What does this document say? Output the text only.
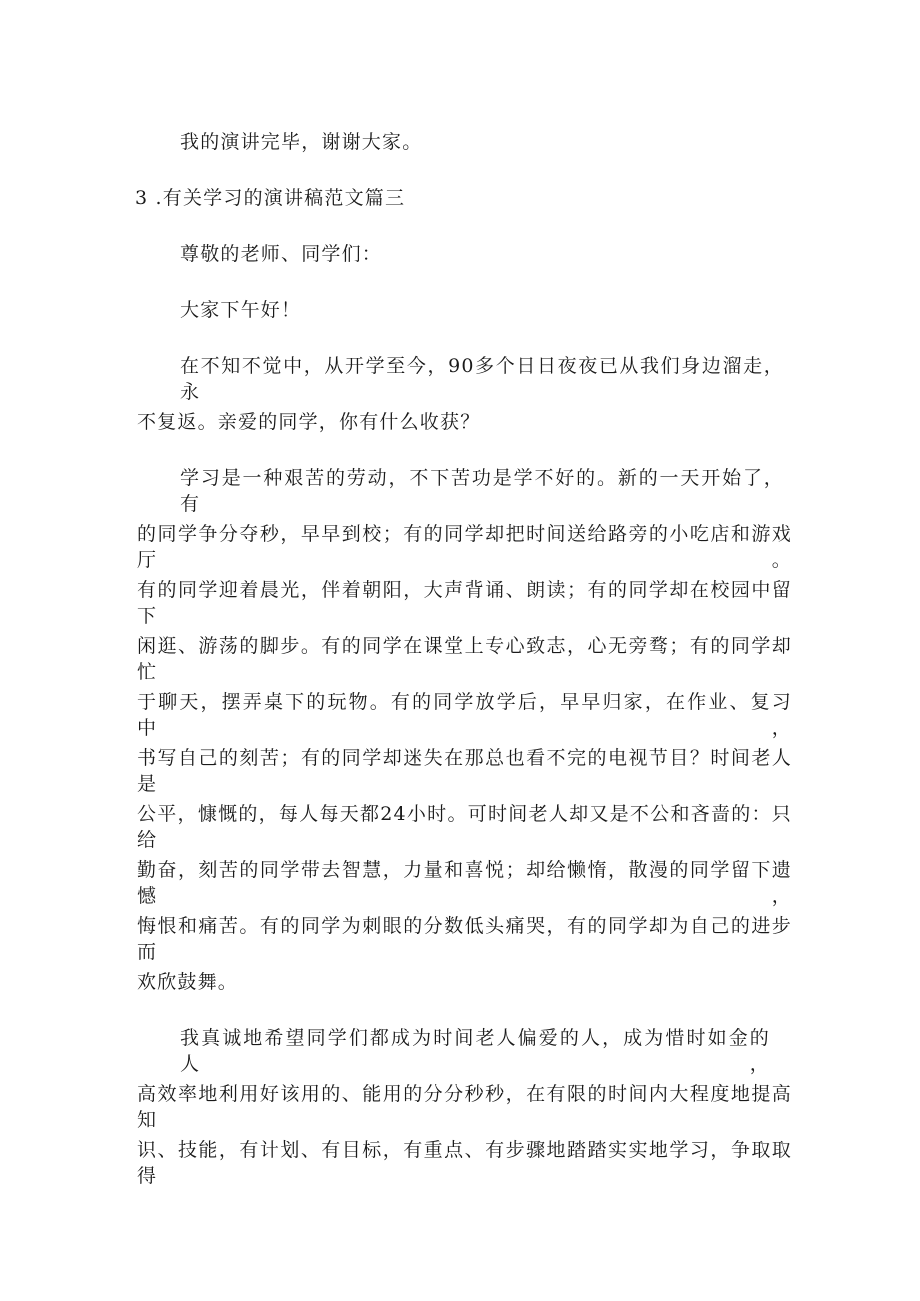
我的演讲完毕，谢谢大家。
3 .有关学习的演讲稿范文篇三
尊敬的老师、同学们：
大家下午好！
在不知不觉中，从开学至今，90多个日日夜夜已从我们身边溜走，永
不复返。亲爱的同学，你有什么收获？
学习是一种艰苦的劳动，不下苦功是学不好的。新的一天开始了，有
的同学争分夺秒，早早到校；有的同学却把时间送给路旁的小吃店和游戏厅。
有的同学迎着晨光，伴着朝阳，大声背诵、朗读；有的同学却在校园中留下
闲逛、游荡的脚步。有的同学在课堂上专心致志，心无旁骛；有的同学却忙
于聊天，摆弄桌下的玩物。有的同学放学后，早早归家，在作业、复习中，
书写自己的刻苦；有的同学却迷失在那总也看不完的电视节目？时间老人是
公平，慷慨的，每人每天都24小时。可时间老人却又是不公和吝啬的：只给
勤奋，刻苦的同学带去智慧，力量和喜悦；却给懒惰，散漫的同学留下遗憾，
悔恨和痛苦。有的同学为刺眼的分数低头痛哭，有的同学却为自己的进步而
欢欣鼓舞。
我真诚地希望同学们都成为时间老人偏爱的人，成为惜时如金的人，
高效率地利用好该用的、能用的分分秒秒，在有限的时间内大程度地提高知
识、技能，有计划、有目标，有重点、有步骤地踏踏实实地学习，争取取得
